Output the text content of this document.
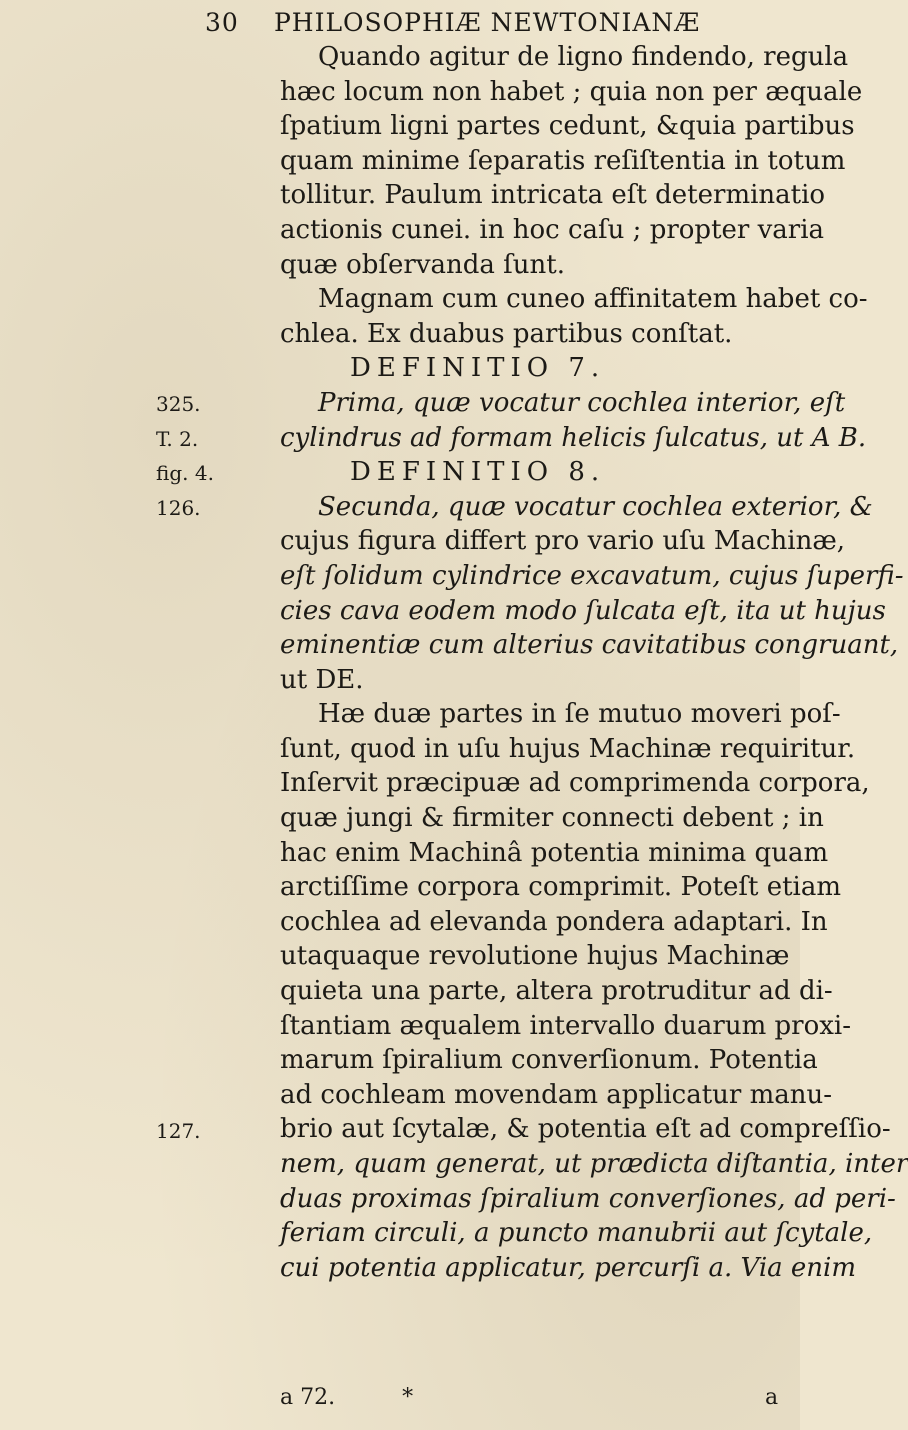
30 PHILOSOPHIÆ NEWTONIANÆ
325.
T. 2.
fig. 4.
126.
127.
Quando agitur de ligno findendo, regula
hæc locum non habet ; quia non per æquale
ſpatium ligni partes cedunt, &quia partibus
quam minime ſeparatis reſiſtentia in totum
tollitur. Paulum intricata eſt determinatio
actionis cunei. in hoc caſu ; propter varia
quæ obſervanda ſunt.
Magnam cum cuneo affinitatem habet co-
chlea. Ex duabus partibus conſtat.
DEFINITIO 7.
Prima, quæ vocatur cochlea interior, eſt
cylindrus ad formam helicis ſulcatus, ut A B.
DEFINITIO 8.
Secunda, quæ vocatur cochlea exterior, &
cujus figura differt pro vario uſu Machinæ,
eſt ſolidum cylindrice excavatum, cujus ſuperfi-
cies cava eodem modo ſulcata eſt, ita ut hujus
eminentiæ cum alterius cavitatibus congruant,
ut DE.
Hæ duæ partes in ſe mutuo moveri poſ-
ſunt, quod in uſu hujus Machinæ requiritur.
Inſervit præcipuæ ad comprimenda corpora,
quæ jungi & firmiter connecti debent ; in
hac enim Machinâ potentia minima quam
arctiſſime corpora comprimit. Poteſt etiam
cochlea ad elevanda pondera adaptari. In
utaquaque revolutione hujus Machinæ
quieta una parte, altera protruditur ad di-
ſtantiam æqualem intervallo duarum proxi-
marum ſpiralium converſionum. Potentia
ad cochleam movendam applicatur manu-
brio aut ſcytalæ, & potentia eſt ad compreſſio-
nem, quam generat, ut prædicta diſtantia, inter
duas proximas ſpiralium converſiones, ad peri-
feriam circuli, a puncto manubrii aut ſcytale,
cui potentia applicatur, percurſi a. Via enim
a 72.	*	a
